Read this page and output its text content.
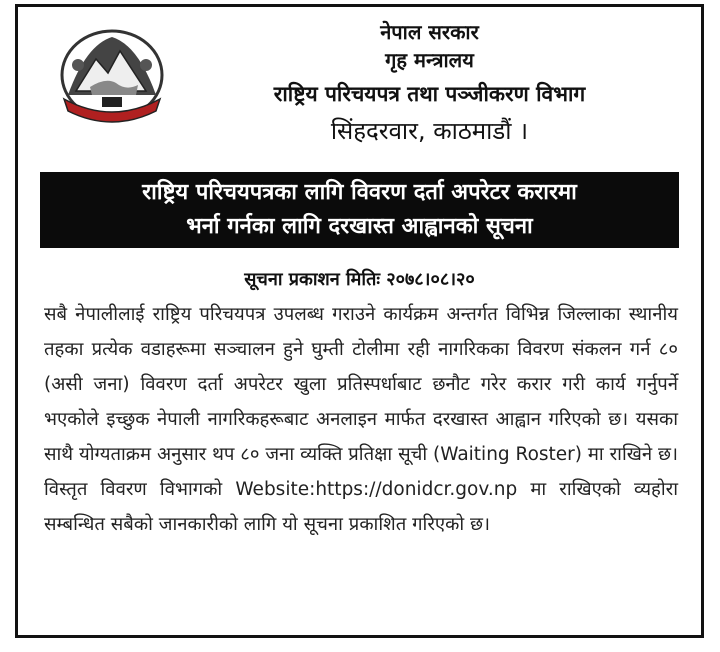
नेपाल सरकार
गृह मन्त्रालय
राष्ट्रिय परिचयपत्र तथा पञ्जीकरण विभाग
सिंहदरवार, काठमाडौं ।
राष्ट्रिय परिचयपत्रका लागि विवरण दर्ता अपरेटर करारमा
भर्ना गर्नका लागि दरखास्त आह्वानको सूचना
सूचना प्रकाशन मितिः २०७८।०८।२०
सबै नेपालीलाई राष्ट्रिय परिचयपत्र उपलब्ध गराउने कार्यक्रम अन्तर्गत विभिन्न जिल्लाका स्थानीय तहका प्रत्येक वडाहरूमा सञ्चालन हुने घुम्ती टोलीमा रही नागरिकका विवरण संकलन गर्न ८० (असी जना) विवरण दर्ता अपरेटर खुला प्रतिस्पर्धाबाट छनौट गरेर करार गरी कार्य गर्नुपर्ने भएकोले इच्छुक नेपाली नागरिकहरूबाट अनलाइन मार्फत दरखास्त आह्वान गरिएको छ। यसका साथै योग्यताक्रम अनुसार थप ८० जना व्यक्ति प्रतिक्षा सूची (Waiting Roster) मा राखिने छ। विस्तृत विवरण विभागको Website:https://donidcr.gov.np मा राखिएको व्यहोरा सम्बन्धित सबैको जानकारीको लागि यो सूचना प्रकाशित गरिएको छ।
